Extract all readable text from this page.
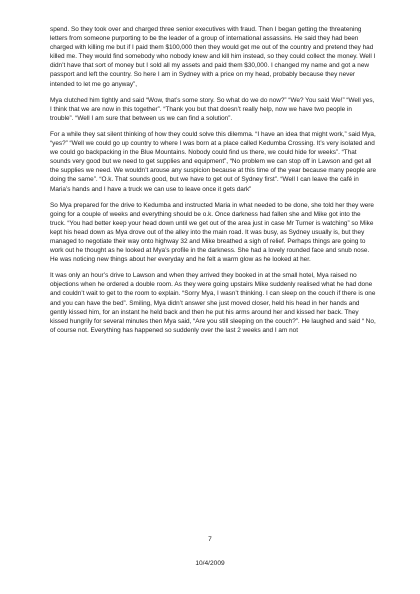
spend. So they took over and charged three senior executives with fraud. Then I began getting the threatening letters from someone purporting to be the leader of a group of international assassins. He said they had been charged with killing me but if I paid them $100,000 then they would get me out of the country and pretend they had killed me. They would find somebody who nobody knew and kill him instead, so they could collect the money. Well I didn’t have that sort of money but I sold all my assets and paid them $30,000. I changed my name and got a new passport and left the country. So here I am in Sydney with a price on my head, probably because they never intended to let me go anyway”,

Mya clutched him tightly and said “Wow, that’s some story. So what do we do now?” “We? You said We!” “Well yes, I think that we are now in this together”. “Thank you but that doesn’t really help, now we have two people in trouble”. “Well I am sure that between us we can find a solution”.

For a while they sat silent thinking of how they could solve this dilemma. “I have an idea that might work,” said Mya, “yes?” “Well we could go up country to where I was born at a place called Kedumba Crossing. It’s very isolated and we could go backpacking in the Blue Mountains. Nobody could find us there, we could hide for weeks”. “That sounds very good but we need to get supplies and equipment”, “No problem we can stop off in Lawson and get all the supplies we need. We wouldn’t arouse any suspicion because at this time of the year because many people are doing the same”. “O.k. That sounds good, but we have to get out of Sydney first”. “Well I can leave the café in Maria’s hands and I have a truck we can use to leave once it gets dark”

So Mya prepared for the drive to Kedumba and instructed Maria in what needed to be done, she told her they were going for a couple of weeks and everything should be o.k. Once darkness had fallen she and Mike got into the truck. “You had better keep your head down until we get out of the area just in case Mr Turner is watching” so Mike kept his head down as Mya drove out of the alley into the main road. It was busy, as Sydney usually is, but they managed to negotiate their way onto highway 32 and Mike breathed a sigh of relief. Perhaps things are going to work out he thought as he looked at Mya’s profile in the darkness. She had a lovely rounded face and snub nose. He was noticing new things about her everyday and he felt a warm glow as he looked at her.

It was only an hour’s drive to Lawson and when they arrived they booked in at the small hotel, Mya raised no objections when he ordered a double room. As they were going upstairs Mike suddenly realised what he had done and couldn’t wait to get to the room to explain. “Sorry Mya, I wasn’t thinking. I can sleep on the couch if there is one and you can have the bed”. Smiling, Mya didn’t answer she just moved closer, held his head in her hands and gently kissed him, for an instant he held back and then he put his arms around her and kissed her back. They kissed hungrily for several minutes then Mya said, “Are you still sleeping on the couch?”. He laughed and said “ No, of course not. Everything has happened so suddenly over the last 2 weeks and I am not

7
10/4/2009
